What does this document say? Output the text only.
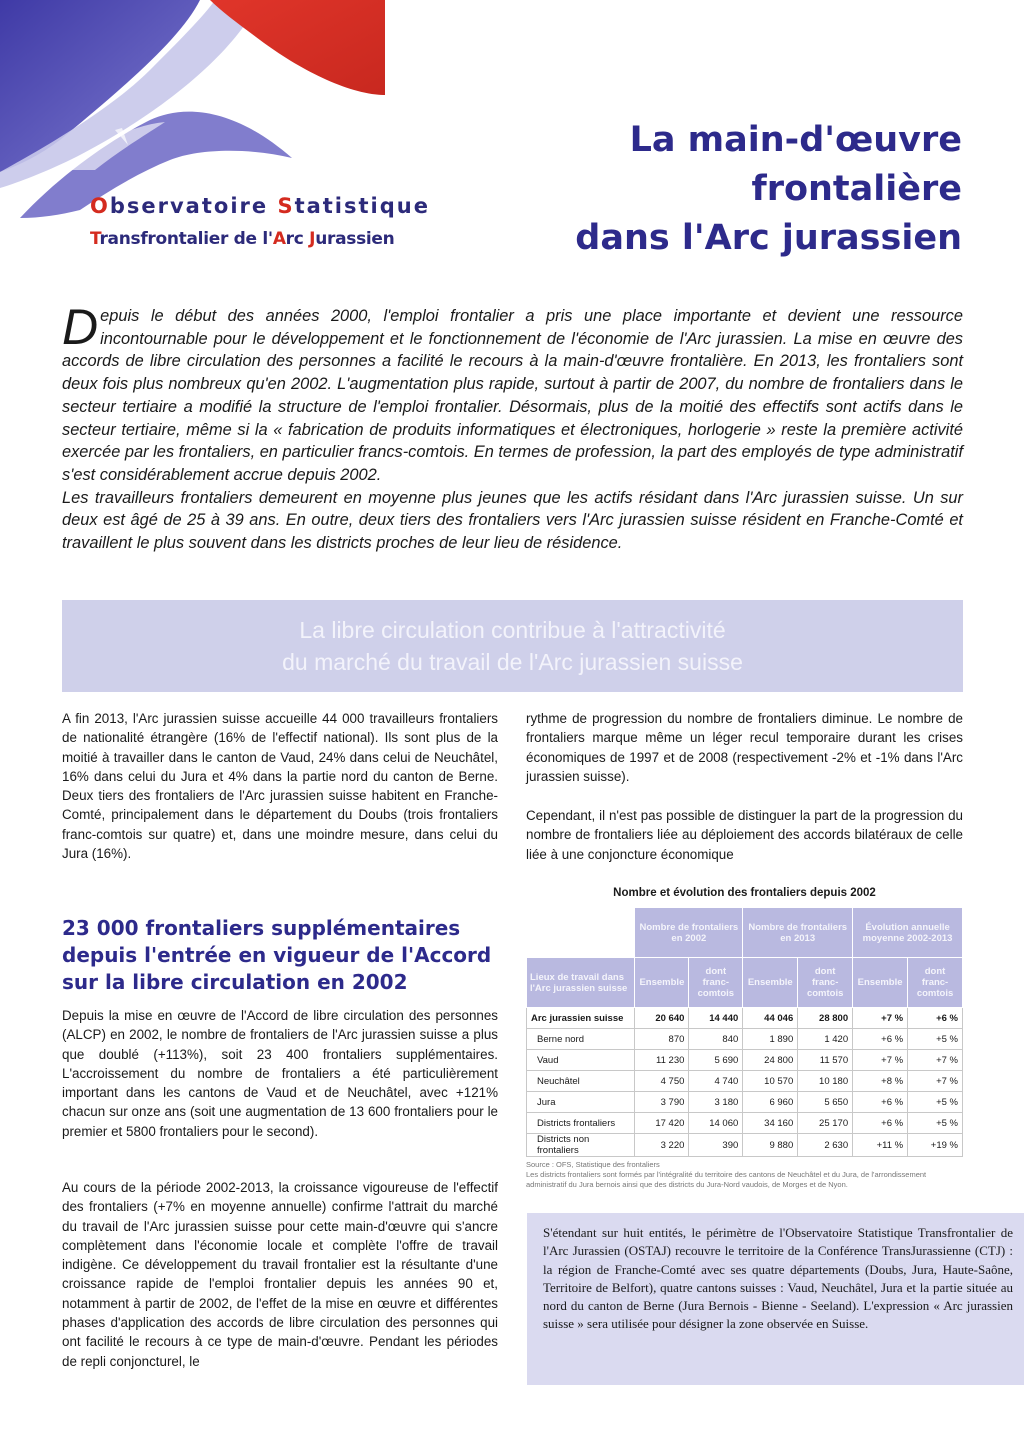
Observatoire Statistique
Transfrontalier de l'Arc Jurassien
La main-d'œuvre
frontalière
dans l'Arc jurassien

Depuis le début des années 2000, l'emploi frontalier a pris une place importante et devient une ressource incontournable pour le développement et le fonctionnement de l'économie de l'Arc jurassien. La mise en œuvre des accords de libre circulation des personnes a facilité le recours à la main-d'œuvre frontalière. En 2013, les frontaliers sont deux fois plus nombreux qu'en 2002. L'augmentation plus rapide, surtout à partir de 2007, du nombre de frontaliers dans le secteur tertiaire a modifié la structure de l'emploi frontalier. Désormais, plus de la moitié des effectifs sont actifs dans le secteur tertiaire, même si la « fabrication de produits informatiques et électroniques, horlogerie » reste la première activité exercée par les frontaliers, en particulier francs-comtois. En termes de profession, la part des employés de type administratif s'est considérablement accrue depuis 2002.

Les travailleurs frontaliers demeurent en moyenne plus jeunes que les actifs résidant dans l'Arc jurassien suisse. Un sur deux est âgé de 25 à 39 ans. En outre, deux tiers des frontaliers vers l'Arc jurassien suisse résident en Franche-Comté et travaillent le plus souvent dans les districts proches de leur lieu de résidence.

La libre circulation contribue à l'attractivité
du marché du travail de l'Arc jurassien suisse

A fin 2013, l'Arc jurassien suisse accueille 44 000 travailleurs frontaliers de nationalité étrangère (16% de l'effectif national). Ils sont plus de la moitié à travailler dans le canton de Vaud, 24% dans celui de Neuchâtel, 16% dans celui du Jura et 4% dans la partie nord du canton de Berne. Deux tiers des frontaliers de l'Arc jurassien suisse habitent en Franche-Comté, principalement dans le département du Doubs (trois frontaliers franc-comtois sur quatre) et, dans une moindre mesure, dans celui du Jura (16%).

23 000 frontaliers supplémentaires depuis l'entrée en vigueur de l'Accord sur la libre circulation en 2002

Depuis la mise en œuvre de l'Accord de libre circulation des personnes (ALCP) en 2002, le nombre de frontaliers de l'Arc jurassien suisse a plus que doublé (+113%), soit 23 400 frontaliers supplémentaires. L'accroissement du nombre de frontaliers a été particulièrement important dans les cantons de Vaud et de Neuchâtel, avec +121% chacun sur onze ans (soit une augmentation de 13 600 frontaliers pour le premier et 5800 frontaliers pour le second).

Au cours de la période 2002-2013, la croissance vigoureuse de l'effectif des frontaliers (+7% en moyenne annuelle) confirme l'attrait du marché du travail de l'Arc jurassien suisse pour cette main-d'œuvre qui s'ancre complètement dans l'économie locale et complète l'offre de travail indigène. Ce développement du travail frontalier est la résultante d'une croissance rapide de l'emploi frontalier depuis les années 90 et, notamment à partir de 2002, de l'effet de la mise en œuvre et différentes phases d'application des accords de libre circulation des personnes qui ont facilité le recours à ce type de main-d'œuvre. Pendant les périodes de repli conjoncturel, le

rythme de progression du nombre de frontaliers diminue. Le nombre de frontaliers marque même un léger recul temporaire durant les crises économiques de 1997 et de 2008 (respectivement -2% et -1% dans l'Arc jurassien suisse).

Cependant, il n'est pas possible de distinguer la part de la progression du nombre de frontaliers liée au déploiement des accords bilatéraux de celle liée à une conjoncture économique

Nombre et évolution des frontaliers depuis 2002
	Nombre de frontaliers en 2002		Nombre de frontaliers en 2013		Évolution annuelle moyenne 2002-2013	
Lieux de travail dans l'Arc jurassien suisse	Ensemble	dont franc-comtois	Ensemble	dont franc-comtois	Ensemble	dont franc-comtois
Arc jurassien suisse	20 640	14 440	44 046	28 800	+7 %	+6 %
Berne nord	870	840	1 890	1 420	+6 %	+5 %
Vaud	11 230	5 690	24 800	11 570	+7 %	+7 %
Neuchâtel	4 750	4 740	10 570	10 180	+8 %	+7 %
Jura	3 790	3 180	6 960	5 650	+6 %	+5 %
Districts frontaliers	17 420	14 060	34 160	25 170	+6 %	+5 %
Districts non frontaliers	3 220	390	9 880	2 630	+11 %	+19 %
Source : OFS, Statistique des frontaliers
Les districts frontaliers sont formés par l'intégralité du territoire des cantons de Neuchâtel et du Jura, de l'arrondissement administratif du Jura bernois ainsi que des districts du Jura-Nord vaudois, de Morges et de Nyon.
S'étendant sur huit entités, le périmètre de l'Observatoire Statistique Transfrontalier de l'Arc Jurassien (OSTAJ) recouvre le territoire de la Conférence TransJurassienne (CTJ) : la région de Franche-Comté avec ses quatre départements (Doubs, Jura, Haute-Saône, Territoire de Belfort), quatre cantons suisses : Vaud, Neuchâtel, Jura et la partie située au nord du canton de Berne (Jura Bernois - Bienne - Seeland). L'expression « Arc jurassien suisse » sera utilisée pour désigner la zone observée en Suisse.
